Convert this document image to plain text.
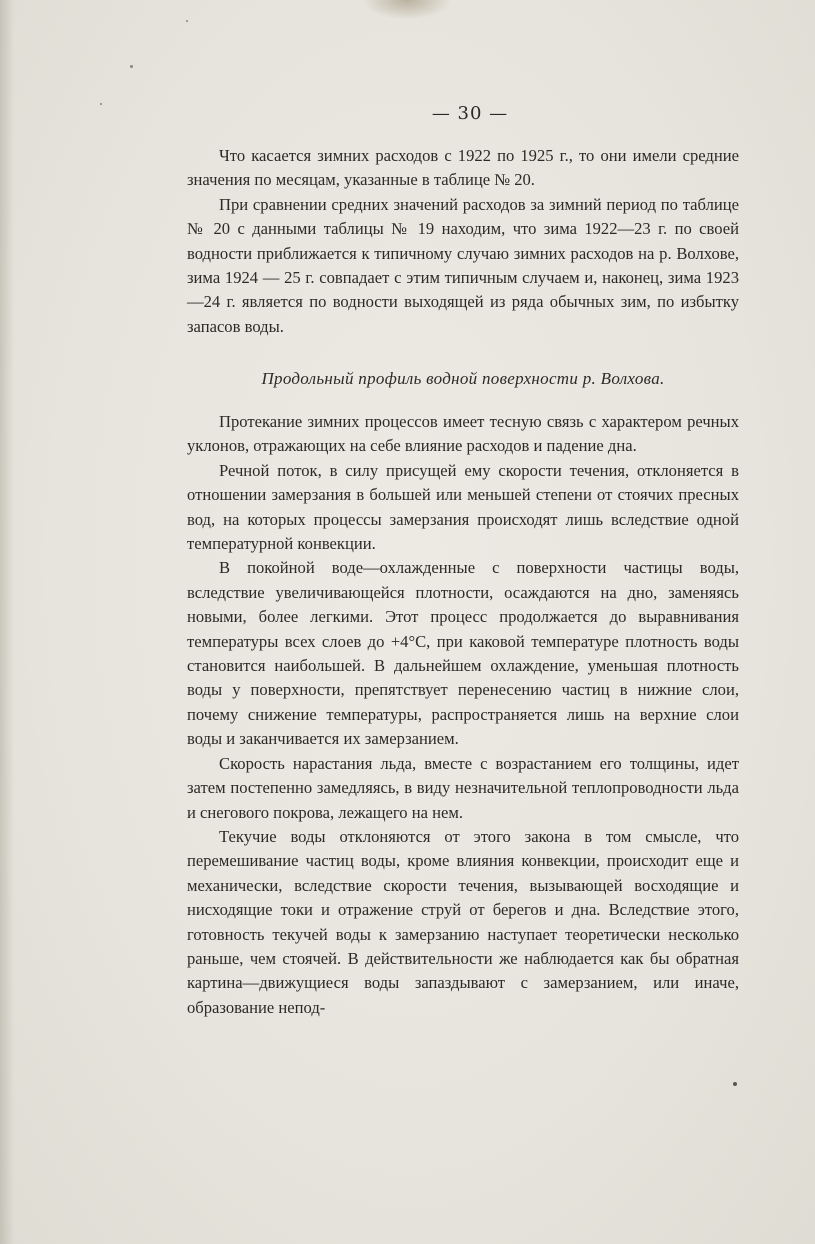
— 30 —

Что касается зимних расходов с 1922 по 1925 г., то они имели средние значения по месяцам, указанные в таблице № 20.

При сравнении средних значений расходов за зимний период по таблице № 20 с данными таблицы № 19 находим, что зима 1922—23 г. по своей водности приближается к типичному случаю зимних расходов на р. Волхове, зима 1924 — 25 г. совпадает с этим типичным случаем и, наконец, зима 1923—24 г. является по водности выходящей из ряда обычных зим, по избытку запасов воды.

Продольный профиль водной поверхности р. Волхова.

Протекание зимних процессов имеет тесную связь с характером речных уклонов, отражающих на себе влияние расходов и падение дна.

Речной поток, в силу присущей ему скорости течения, отклоняется в отношении замерзания в большей или меньшей степени от стоячих пресных вод, на которых процессы замерзания происходят лишь вследствие одной температурной конвекции.

В покойной воде—охлажденные с поверхности частицы воды, вследствие увеличивающейся плотности, осаждаются на дно, заменяясь новыми, более легкими. Этот процесс продолжается до выравнивания температуры всех слоев до +4°C, при каковой температуре плотность воды становится наибольшей. В дальнейшем охлаждение, уменьшая плотность воды у поверхности, препятствует перенесению частиц в нижние слои, почему снижение температуры, распространяется лишь на верхние слои воды и заканчивается их замерзанием.

Скорость нарастания льда, вместе с возрастанием его толщины, идет затем постепенно замедляясь, в виду незначительной теплопроводности льда и снегового покрова, лежащего на нем.

Текучие воды отклоняются от этого закона в том смысле, что перемешивание частиц воды, кроме влияния конвекции, происходит еще и механически, вследствие скорости течения, вызывающей восходящие и нисходящие токи и отражение струй от берегов и дна. Вследствие этого, готовность текучей воды к замерзанию наступает теоретически несколько раньше, чем стоячей. В действительности же наблюдается как бы обратная картина—движущиеся воды запаздывают с замерзанием, или иначе, образование непод-
